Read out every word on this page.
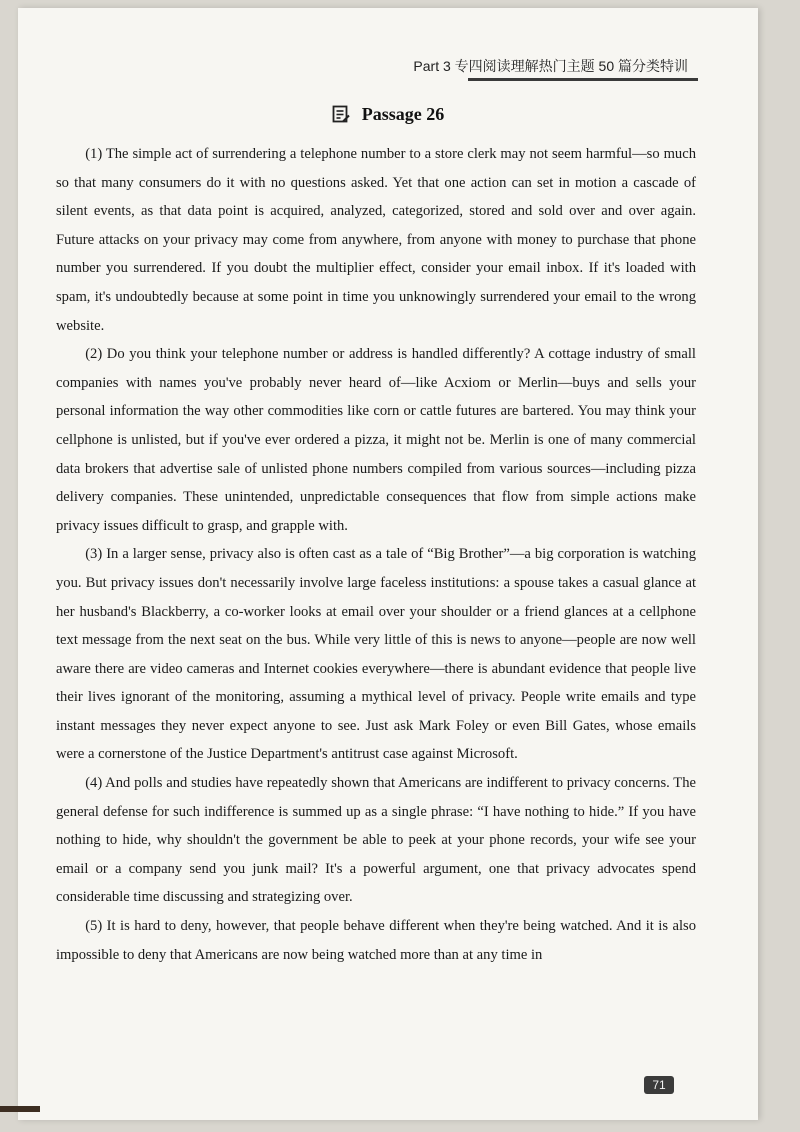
Part 3 专四阅读理解热门主题 50 篇分类特训
Passage 26

(1) The simple act of surrendering a telephone number to a store clerk may not seem harmful—so much so that many consumers do it with no questions asked. Yet that one action can set in motion a cascade of silent events, as that data point is acquired, analyzed, categorized, stored and sold over and over again. Future attacks on your privacy may come from anywhere, from anyone with money to purchase that phone number you surrendered. If you doubt the multiplier effect, consider your email inbox. If it's loaded with spam, it's undoubtedly because at some point in time you unknowingly surrendered your email to the wrong website.

(2) Do you think your telephone number or address is handled differently? A cottage industry of small companies with names you've probably never heard of—like Acxiom or Merlin—buys and sells your personal information the way other commodities like corn or cattle futures are bartered. You may think your cellphone is unlisted, but if you've ever ordered a pizza, it might not be. Merlin is one of many commercial data brokers that advertise sale of unlisted phone numbers compiled from various sources—including pizza delivery companies. These unintended, unpredictable consequences that flow from simple actions make privacy issues difficult to grasp, and grapple with.

(3) In a larger sense, privacy also is often cast as a tale of “Big Brother”—a big corporation is watching you. But privacy issues don't necessarily involve large faceless institutions: a spouse takes a casual glance at her husband's Blackberry, a co-worker looks at email over your shoulder or a friend glances at a cellphone text message from the next seat on the bus. While very little of this is news to anyone—people are now well aware there are video cameras and Internet cookies everywhere—there is abundant evidence that people live their lives ignorant of the monitoring, assuming a mythical level of privacy. People write emails and type instant messages they never expect anyone to see. Just ask Mark Foley or even Bill Gates, whose emails were a cornerstone of the Justice Department's antitrust case against Microsoft.

(4) And polls and studies have repeatedly shown that Americans are indifferent to privacy concerns. The general defense for such indifference is summed up as a single phrase: “I have nothing to hide.” If you have nothing to hide, why shouldn't the government be able to peek at your phone records, your wife see your email or a company send you junk mail? It's a powerful argument, one that privacy advocates spend considerable time discussing and strategizing over.

(5) It is hard to deny, however, that people behave different when they're being watched. And it is also impossible to deny that Americans are now being watched more than at any time in

71
